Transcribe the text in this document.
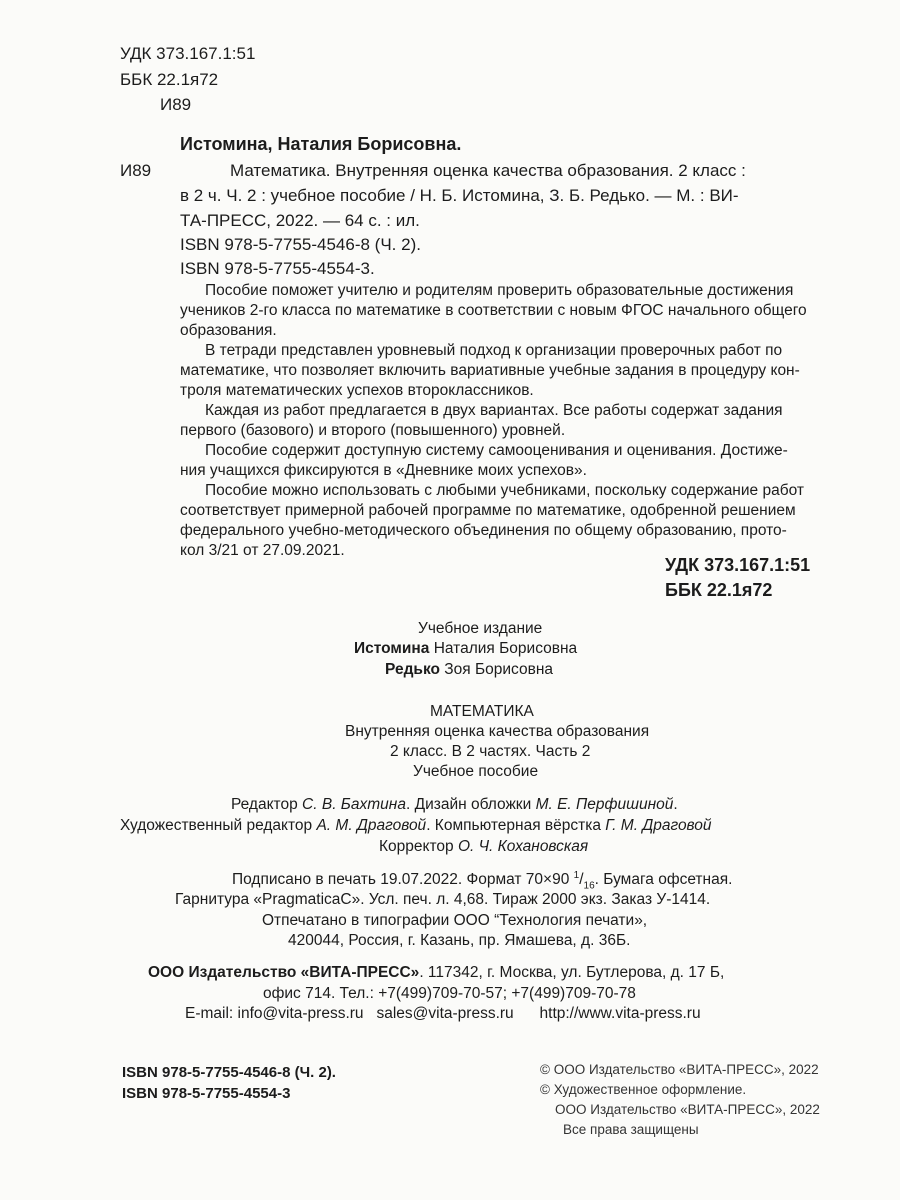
УДК 373.167.1:51
ББК 22.1я72
И89
Истомина, Наталия Борисовна.
И89	Математика. Внутренняя оценка качества образования. 2 класс :
в 2 ч. Ч. 2 : учебное пособие / Н. Б. Истомина, З. Б. Редько. — М. : ВИ-
ТА-ПРЕСС, 2022. — 64 с. : ил.
ISBN 978-5-7755-4546-8 (Ч. 2).
ISBN 978-5-7755-4554-3.
Пособие поможет учителю и родителям проверить образовательные достижения
учеников 2-го класса по математике в соответствии с новым ФГОС начального общего
образования.
В тетради представлен уровневый подход к организации проверочных работ по
математике, что позволяет включить вариативные учебные задания в процедуру кон-
троля математических успехов второклассников.
Каждая из работ предлагается в двух вариантах. Все работы содержат задания
первого (базового) и второго (повышенного) уровней.
Пособие содержит доступную систему самооценивания и оценивания. Достиже-
ния учащихся фиксируются в «Дневнике моих успехов».
Пособие можно использовать с любыми учебниками, поскольку содержание работ
соответствует примерной рабочей программе по математике, одобренной решением
федерального учебно-методического объединения по общему образованию, прото-
кол 3/21 от 27.09.2021.
УДК 373.167.1:51
ББК 22.1я72
Учебное издание
Истомина Наталия Борисовна
Редько Зоя Борисовна
МАТЕМАТИКА
Внутренняя оценка качества образования
2 класс. В 2 частях. Часть 2
Учебное пособие
Редактор С. В. Бахтина. Дизайн обложки М. Е. Перфишиной.
Художественный редактор А. М. Драговой. Компьютерная вёрстка Г. М. Драговой
Корректор О. Ч. Кохановская
Подписано в печать 19.07.2022. Формат 70×90 $^1/_{16}$. Бумага офсетная.
Гарнитура «PragmaticaC». Усл. печ. л. 4,68. Тираж 2000 экз. Заказ У-1414.
Отпечатано в типографии ООО “Технология печати»,
420044, Россия, г. Казань, пр. Ямашева, д. 36Б.
ООО Издательство «ВИТА-ПРЕСС». 117342, г. Москва, ул. Бутлерова, д. 17 Б,
офис 714. Тел.: +7(499)709-70-57; +7(499)709-70-78
E-mail: info@vita-press.ru sales@vita-press.ru http://www.vita-press.ru
ISBN 978-5-7755-4546-8 (Ч. 2).
ISBN 978-5-7755-4554-3
© ООО Издательство «ВИТА-ПРЕСС», 2022
© Художественное оформление.
ООО Издательство «ВИТА-ПРЕСС», 2022
Все права защищены
